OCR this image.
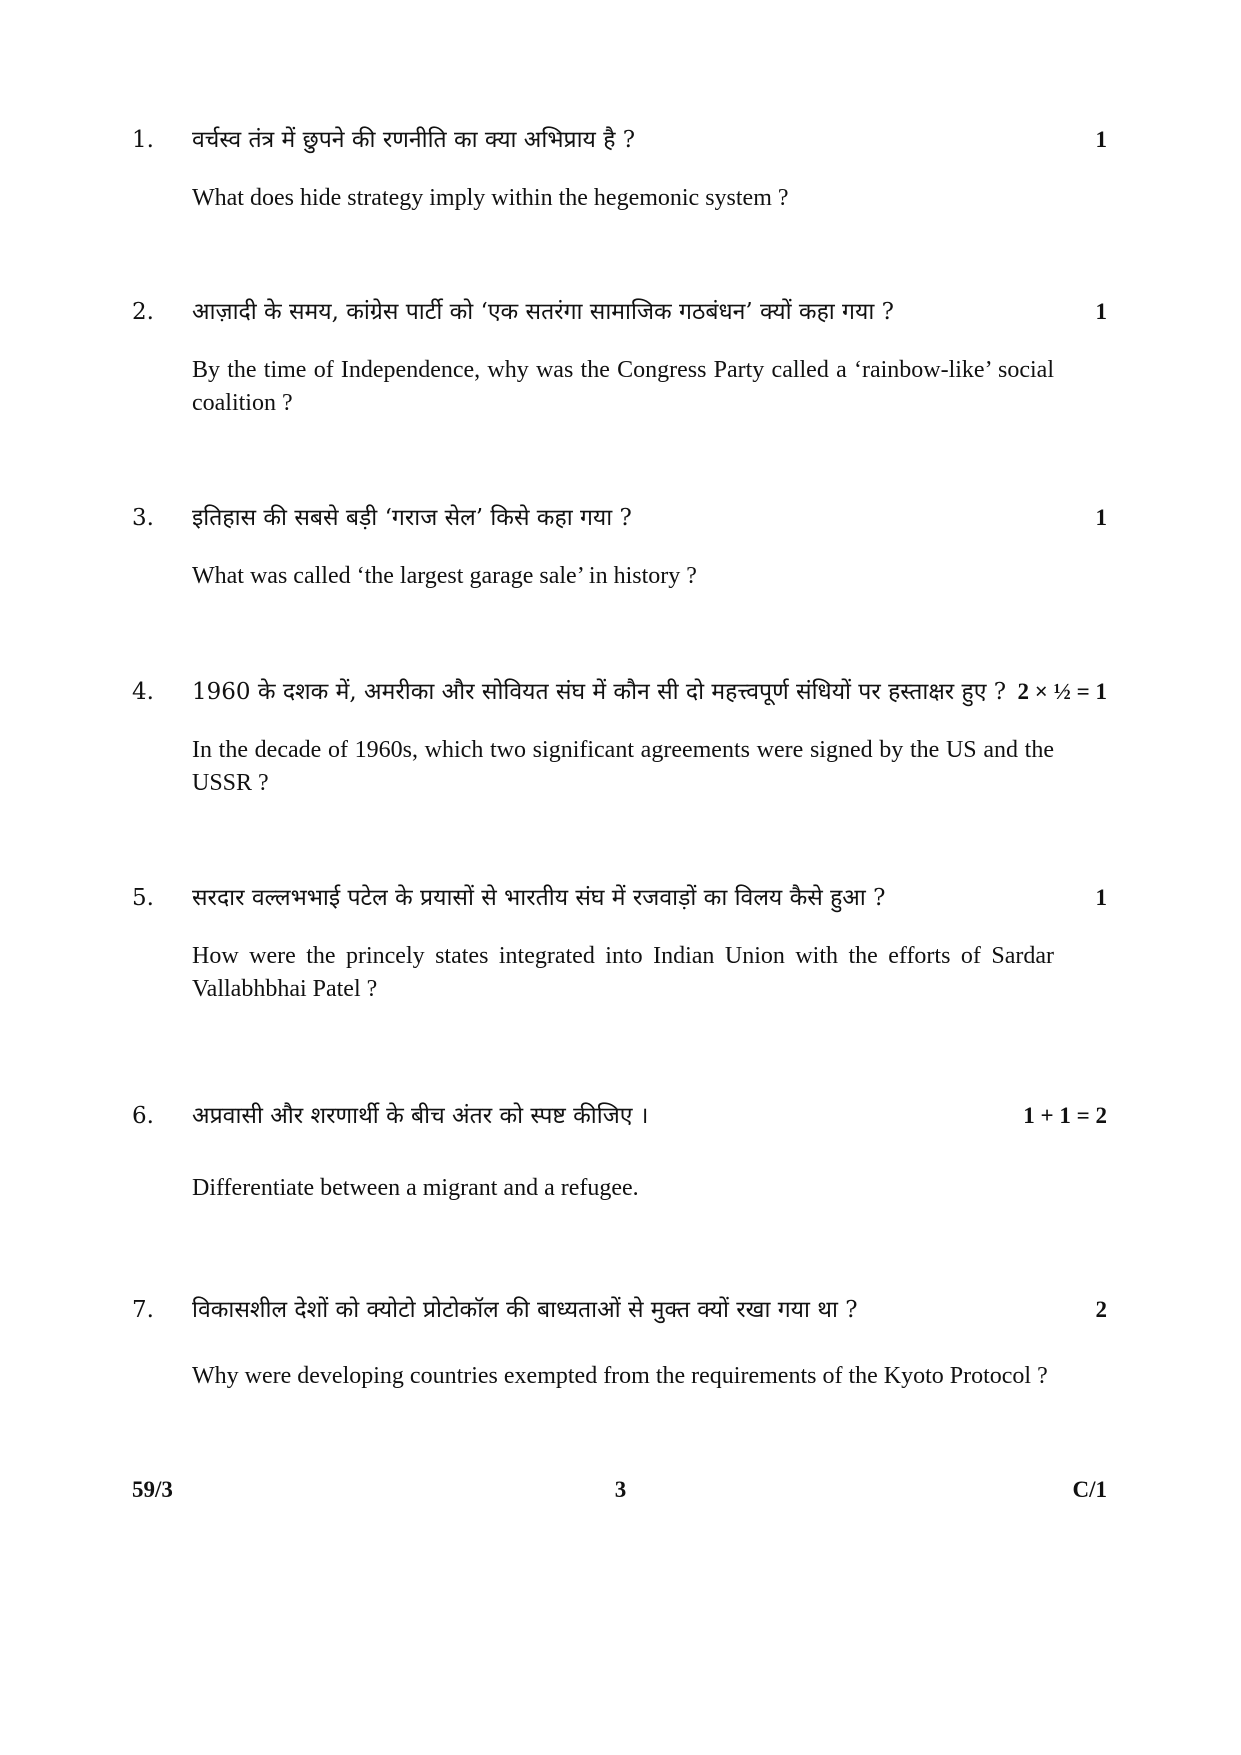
1. वर्चस्व तंत्र में छुपने की रणनीति का क्या अभिप्राय है ?	1
What does hide strategy imply within the hegemonic system ?
2. आज़ादी के समय, कांग्रेस पार्टी को ‘एक सतरंगा सामाजिक गठबंधन’ क्यों कहा गया ?	1
By the time of Independence, why was the Congress Party called a ‘rainbow-like’ social coalition ?
3. इतिहास की सबसे बड़ी ‘गराज सेल’ किसे कहा गया ?	1
What was called ‘the largest garage sale’ in history ?
4. 1960 के दशक में, अमरीका और सोवियत संघ में कौन सी दो महत्त्वपूर्ण संधियों पर हस्ताक्षर हुए ? 2 × ½ = 1
In the decade of 1960s, which two significant agreements were signed by the US and the USSR ?
5. सरदार वल्लभभाई पटेल के प्रयासों से भारतीय संघ में रजवाड़ों का विलय कैसे हुआ ?	1
How were the princely states integrated into Indian Union with the efforts of Sardar Vallabhbhai Patel ?
6. अप्रवासी और शरणार्थी के बीच अंतर को स्पष्ट कीजिए ।	1 + 1 = 2
Differentiate between a migrant and a refugee.
7. विकासशील देशों को क्योटो प्रोटोकॉल की बाध्यताओं से मुक्त क्यों रखा गया था ?	2
Why were developing countries exempted from the requirements of the Kyoto Protocol ?
59/3	3	C/1
